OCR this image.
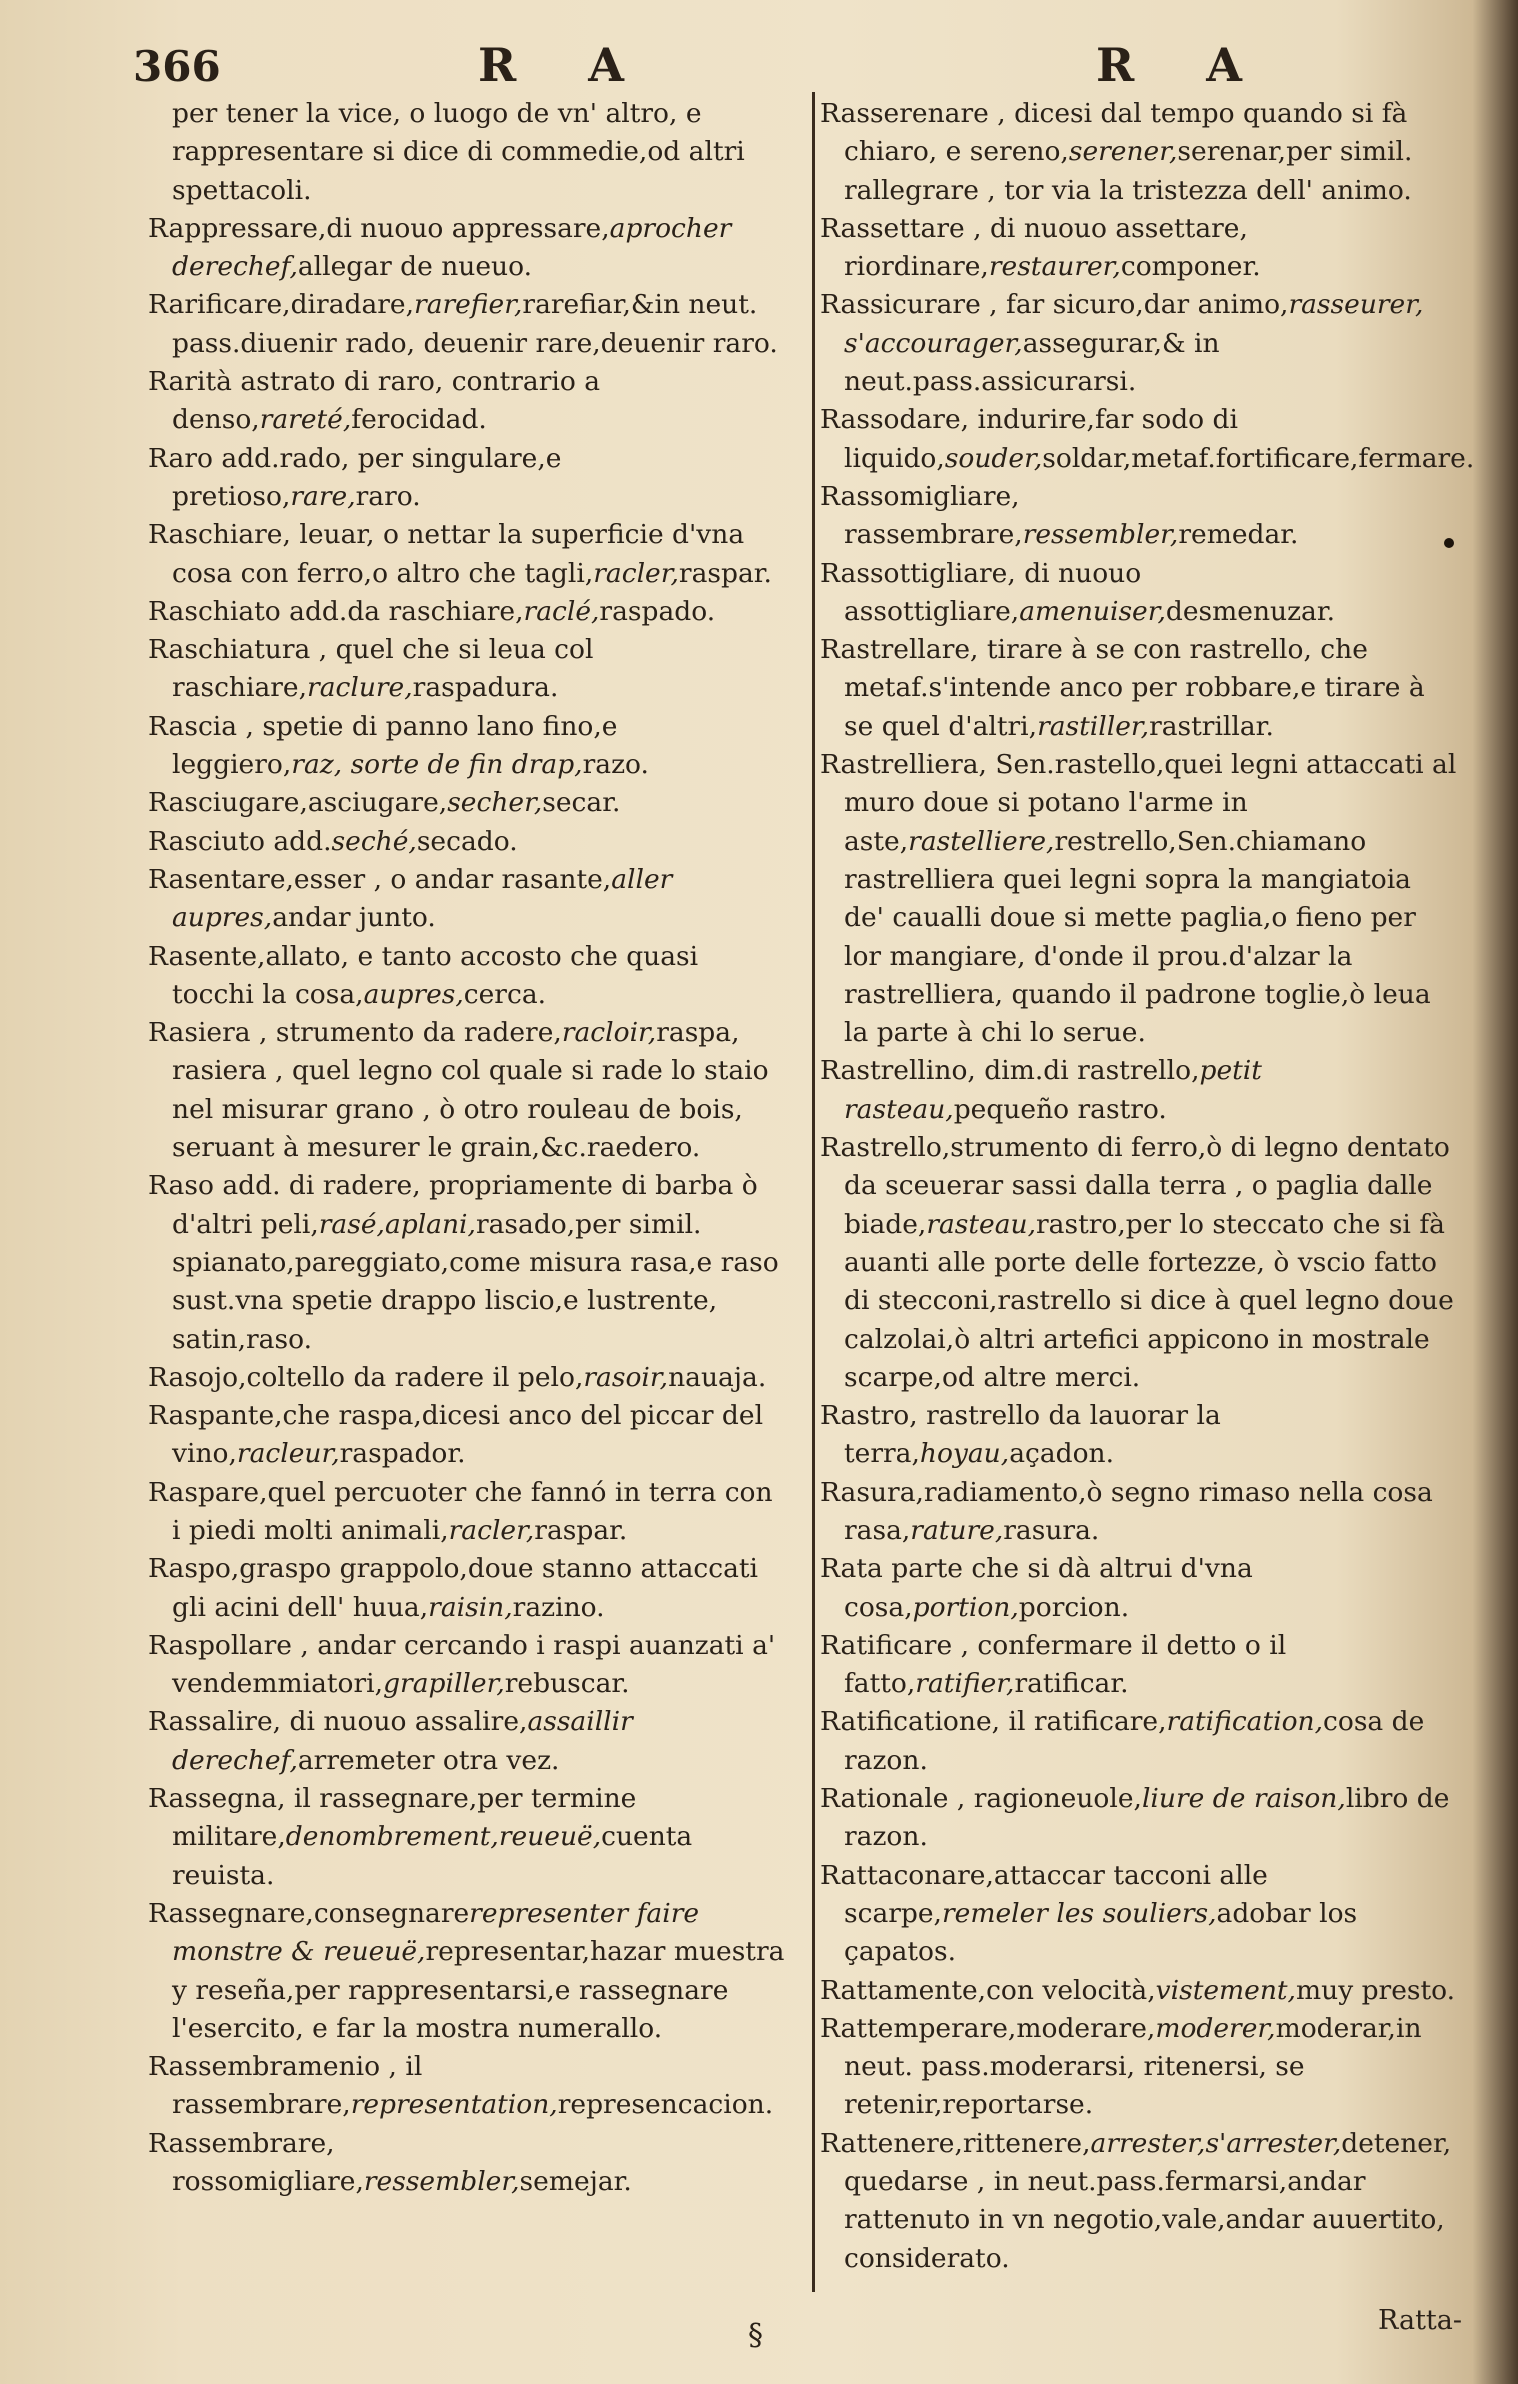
366	R A	R A

per tener la vice, o luogo de vn' altro, e rappresentare si dice di commedie,od altri spettacoli.

Rappressare,di nuouo appressare,aprocher derechef,allegar de nueuo.

Rarificare,diradare,rarefier,rarefiar,&in neut. pass.diuenir rado, deuenir rare,deuenir raro.

Rarità astrato di raro, contrario a denso,rareté,ferocidad.

Raro add.rado, per singulare,e pretioso,rare,raro.

Raschiare, leuar, o nettar la superficie d'vna cosa con ferro,o altro che tagli,racler,raspar.

Raschiato add.da raschiare,raclé,raspado.

Raschiatura , quel che si leua col raschiare,raclure,raspadura.

Rascia , spetie di panno lano fino,e leggiero,raz, sorte de fin drap,razo.

Rasciugare,asciugare,secher,secar.

Rasciuto add.seché,secado.

Rasentare,esser , o andar rasante,aller aupres,andar junto.

Rasente,allato, e tanto accosto che quasi tocchi la cosa,aupres,cerca.

Rasiera , strumento da radere,racloir,raspa, rasiera , quel legno col quale si rade lo staio nel misurar grano , ò otro rouleau de bois, seruant à mesurer le grain,&c.raedero.

Raso add. di radere, propriamente di barba ò d'altri peli,rasé,aplani,rasado,per simil. spianato,pareggiato,come misura rasa,e raso sust.vna spetie drappo liscio,e lustrente, satin,raso.

Rasojo,coltello da radere il pelo,rasoir,nauaja.

Raspante,che raspa,dicesi anco del piccar del vino,racleur,raspador.

Raspare,quel percuoter che fannó in terra con i piedi molti animali,racler,raspar.

Raspo,graspo grappolo,doue stanno attaccati gli acini dell' huua,raisin,razino.

Raspollare , andar cercando i raspi auanzati a' vendemmiatori,grapiller,rebuscar.

Rassalire, di nuouo assalire,assaillir derechef,arremeter otra vez.

Rassegna, il rassegnare,per termine militare,denombrement,reueuë,cuenta reuista.

Rassegnare,consegnarerepresenter faire monstre & reueuë,representar,hazar muestra y reseña,per rappresentarsi,e rassegnare l'esercito, e far la mostra numerallo.

Rassembramenio , il rassembrare,representation,represencacion.

Rassembrare, rossomigliare,ressembler,semejar.

Rasserenare , dicesi dal tempo quando si fà chiaro, e sereno,serener,serenar,per simil. rallegrare , tor via la tristezza dell' animo.

Rassettare , di nuouo assettare, riordinare,restaurer,componer.

Rassicurare , far sicuro,dar animo,rasseurer, s'accourager,assegurar,& in neut.pass.assicurarsi.

Rassodare, indurire,far sodo di liquido,souder,soldar,metaf.fortificare,fermare.

Rassomigliare, rassembrare,ressembler,remedar.

Rassottigliare, di nuouo assottigliare,amenuiser,desmenuzar.

Rastrellare, tirare à se con rastrello, che metaf.s'intende anco per robbare,e tirare à se quel d'altri,rastiller,rastrillar.

Rastrelliera, Sen.rastello,quei legni attaccati al muro doue si potano l'arme in aste,rastelliere,restrello,Sen.chiamano rastrelliera quei legni sopra la mangiatoia de' caualli doue si mette paglia,o fieno per lor mangiare, d'onde il prou.d'alzar la rastrelliera, quando il padrone toglie,ò leua la parte à chi lo serue.

Rastrellino, dim.di rastrello,petit rasteau,pequeño rastro.

Rastrello,strumento di ferro,ò di legno dentato da sceuerar sassi dalla terra , o paglia dalle biade,rasteau,rastro,per lo steccato che si fà auanti alle porte delle fortezze, ò vscio fatto di stecconi,rastrello si dice à quel legno doue calzolai,ò altri artefici appicono in mostrale scarpe,od altre merci.

Rastro, rastrello da lauorar la terra,hoyau,açadon.

Rasura,radiamento,ò segno rimaso nella cosa rasa,rature,rasura.

Rata parte che si dà altrui d'vna cosa,portion,porcion.

Ratificare , confermare il detto o il fatto,ratifier,ratificar.

Ratificatione, il ratificare,ratification,cosa de razon.

Rationale , ragioneuole,liure de raison,libro de razon.

Rattaconare,attaccar tacconi alle scarpe,remeler les souliers,adobar los çapatos.

Rattamente,con velocità,vistement,muy presto.

Rattemperare,moderare,moderer,moderar,in neut. pass.moderarsi, ritenersi, se retenir,reportarse.

Rattenere,rittenere,arrester,s'arrester,detener, quedarse , in neut.pass.fermarsi,andar rattenuto in vn negotio,vale,andar auuertito, considerato.

Ratta-
§
